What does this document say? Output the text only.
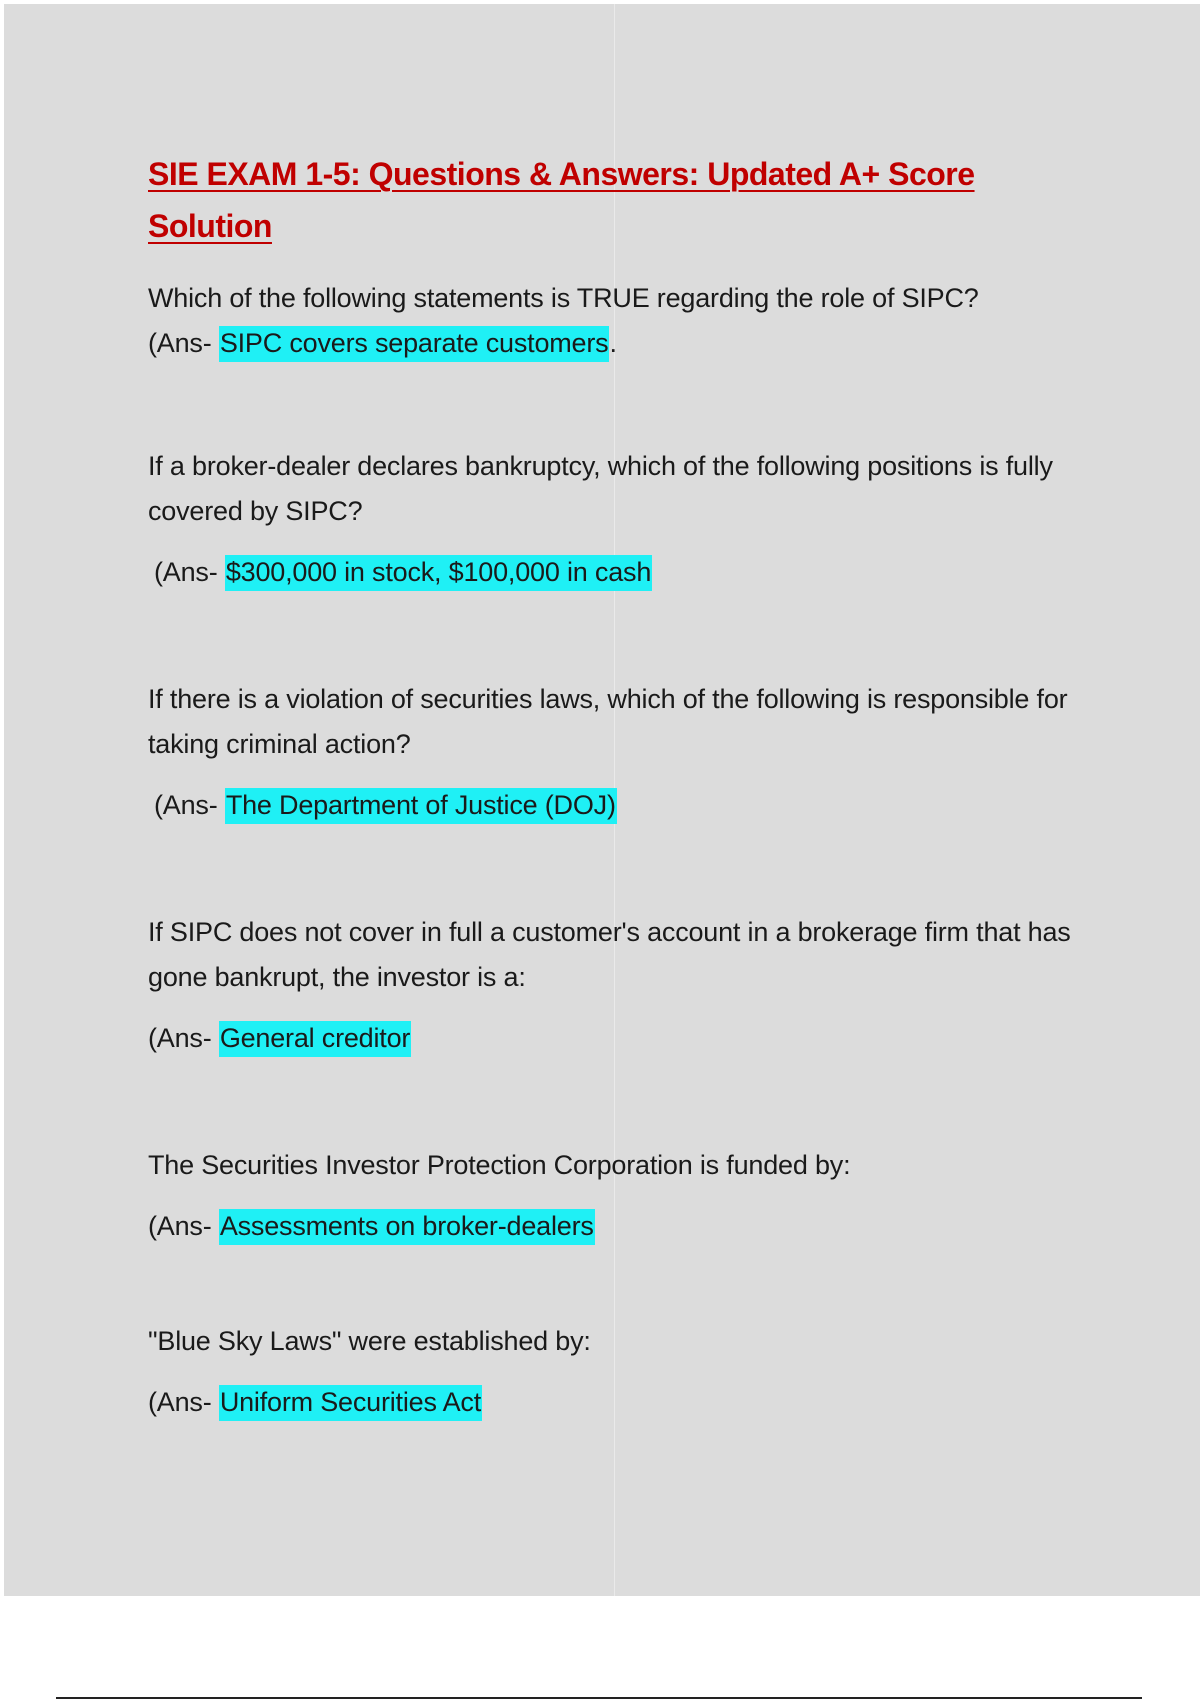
SIE EXAM 1-5: Questions & Answers: Updated A+ Score Solution

Which of the following statements is TRUE regarding the role of SIPC?

(Ans- SIPC covers separate customers.

If a broker-dealer declares bankruptcy, which of the following positions is fully covered by SIPC?

(Ans- $300,000 in stock, $100,000 in cash

If there is a violation of securities laws, which of the following is responsible for taking criminal action?

(Ans- The Department of Justice (DOJ)

If SIPC does not cover in full a customer's account in a brokerage firm that has gone bankrupt, the investor is a:

(Ans- General creditor

The Securities Investor Protection Corporation is funded by:

(Ans- Assessments on broker-dealers

"Blue Sky Laws" were established by:

(Ans- Uniform Securities Act
